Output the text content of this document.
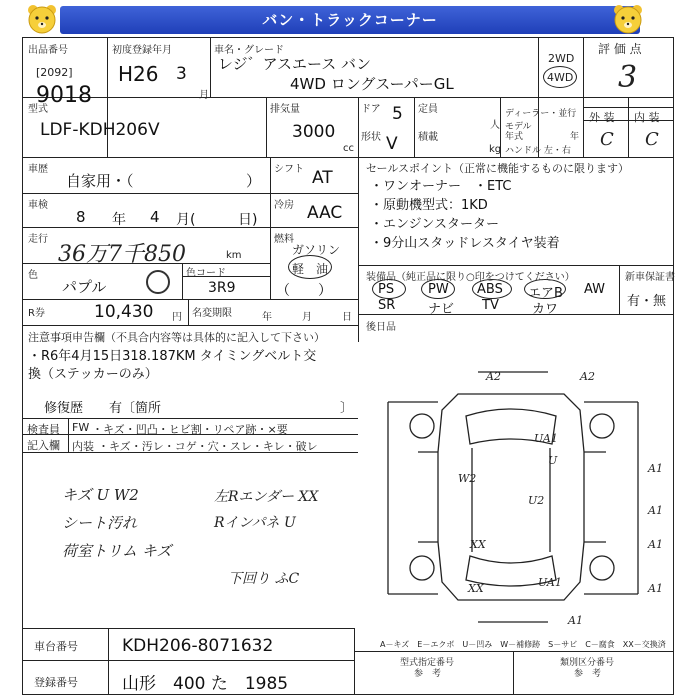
バン・トラックコーナー
出品番号
[2092]
9018
初度登録年月
H26 3
月
車名・グレード
レジ゛アスエース バン
4WD ロングスーパーGL
2WD
4WD
評 価 点
3
外 装 内 装
C C
型式
LDF-KDH206V
排気量
3000
cc
ドア 5
形状 V
定員
人
積載
kg
ディーラー・並行
モデル
年式	年
ハンドル 左・右
車歴
自家用・（	）
シフト AT
車検
8 年 4 月(	日)
冷房 AAC
走行
36万7千850	km
燃料
ガソリン
軽　油
色
パプル
色コード
3R9	（　　）
R券	10,430 円 名変期限	年	月	日
セールスポイント（正常に機能するものに限ります）
・ワンオーナー　・ETC
・原動機型式：1KD
・エンジンスターター
・9分山スタッドレスタイヤ装着
装備品（純正品に限り○印をつけてください）
PS	PW ABS エアB AW
SR	ナビ TV	カワ
新車保証書
有・無
後日品
注意事項申告欄（不具合内容等は具体的に記入して下さい）
・R6年4月15日318.187KM タイミングベルト交
換（ステッカーのみ）
修復歴　　有〔箇所	〕
検査員
記入欄
FW ・キズ・凹凸・ヒビ割・リペア跡・×要
内装 ・キズ・汚レ・コゲ・穴・スレ・キレ・破レ
キズ U W2
シート汚れ
荷室トリム キズ
左Rエンダー XX
Rインパネ U
下回り ふC
A2	A2
UA1
U
W2
A1
U2
A1
A1
XX
UA1
XX
A1
A1
A－キズ　E－エクボ　U－凹み　W－補修跡　S－サビ　C－腐食　XX－交換済
車台番号	KDH206-8071632
登録番号	山形　400 た　1985
型式指定番号
参　考
類別区分番号
参　考
